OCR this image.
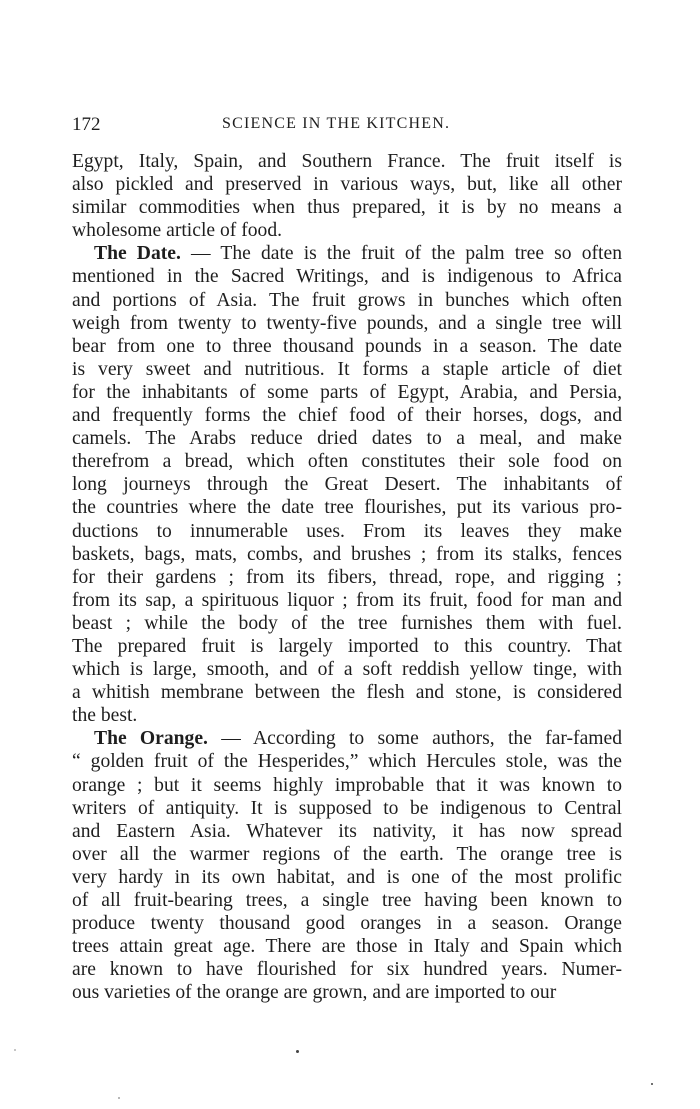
172	SCIENCE IN THE KITCHEN.
Egypt, Italy, Spain, and Southern France. The fruit itself is
also pickled and preserved in various ways, but, like all other
similar commodities when thus prepared, it is by no means a
wholesome article of food.
The Date. — The date is the fruit of the palm tree so often
mentioned in the Sacred Writings, and is indigenous to Africa
and portions of Asia. The fruit grows in bunches which often
weigh from twenty to twenty-five pounds, and a single tree will
bear from one to three thousand pounds in a season. The date
is very sweet and nutritious. It forms a staple article of diet
for the inhabitants of some parts of Egypt, Arabia, and Persia,
and frequently forms the chief food of their horses, dogs, and
camels. The Arabs reduce dried dates to a meal, and make
therefrom a bread, which often constitutes their sole food on
long journeys through the Great Desert. The inhabitants of
the countries where the date tree flourishes, put its various pro-
ductions to innumerable uses. From its leaves they make
baskets, bags, mats, combs, and brushes ; from its stalks, fences
for their gardens ; from its fibers, thread, rope, and rigging ;
from its sap, a spirituous liquor ; from its fruit, food for man and
beast ; while the body of the tree furnishes them with fuel.
The prepared fruit is largely imported to this country. That
which is large, smooth, and of a soft reddish yellow tinge, with
a whitish membrane between the flesh and stone, is considered
the best.
The Orange. — According to some authors, the far-famed
“ golden fruit of the Hesperides,” which Hercules stole, was the
orange ; but it seems highly improbable that it was known to
writers of antiquity. It is supposed to be indigenous to Central
and Eastern Asia. Whatever its nativity, it has now spread
over all the warmer regions of the earth. The orange tree is
very hardy in its own habitat, and is one of the most prolific
of all fruit-bearing trees, a single tree having been known to
produce twenty thousand good oranges in a season. Orange
trees attain great age. There are those in Italy and Spain which
are known to have flourished for six hundred years. Numer-
ous varieties of the orange are grown, and are imported to our
